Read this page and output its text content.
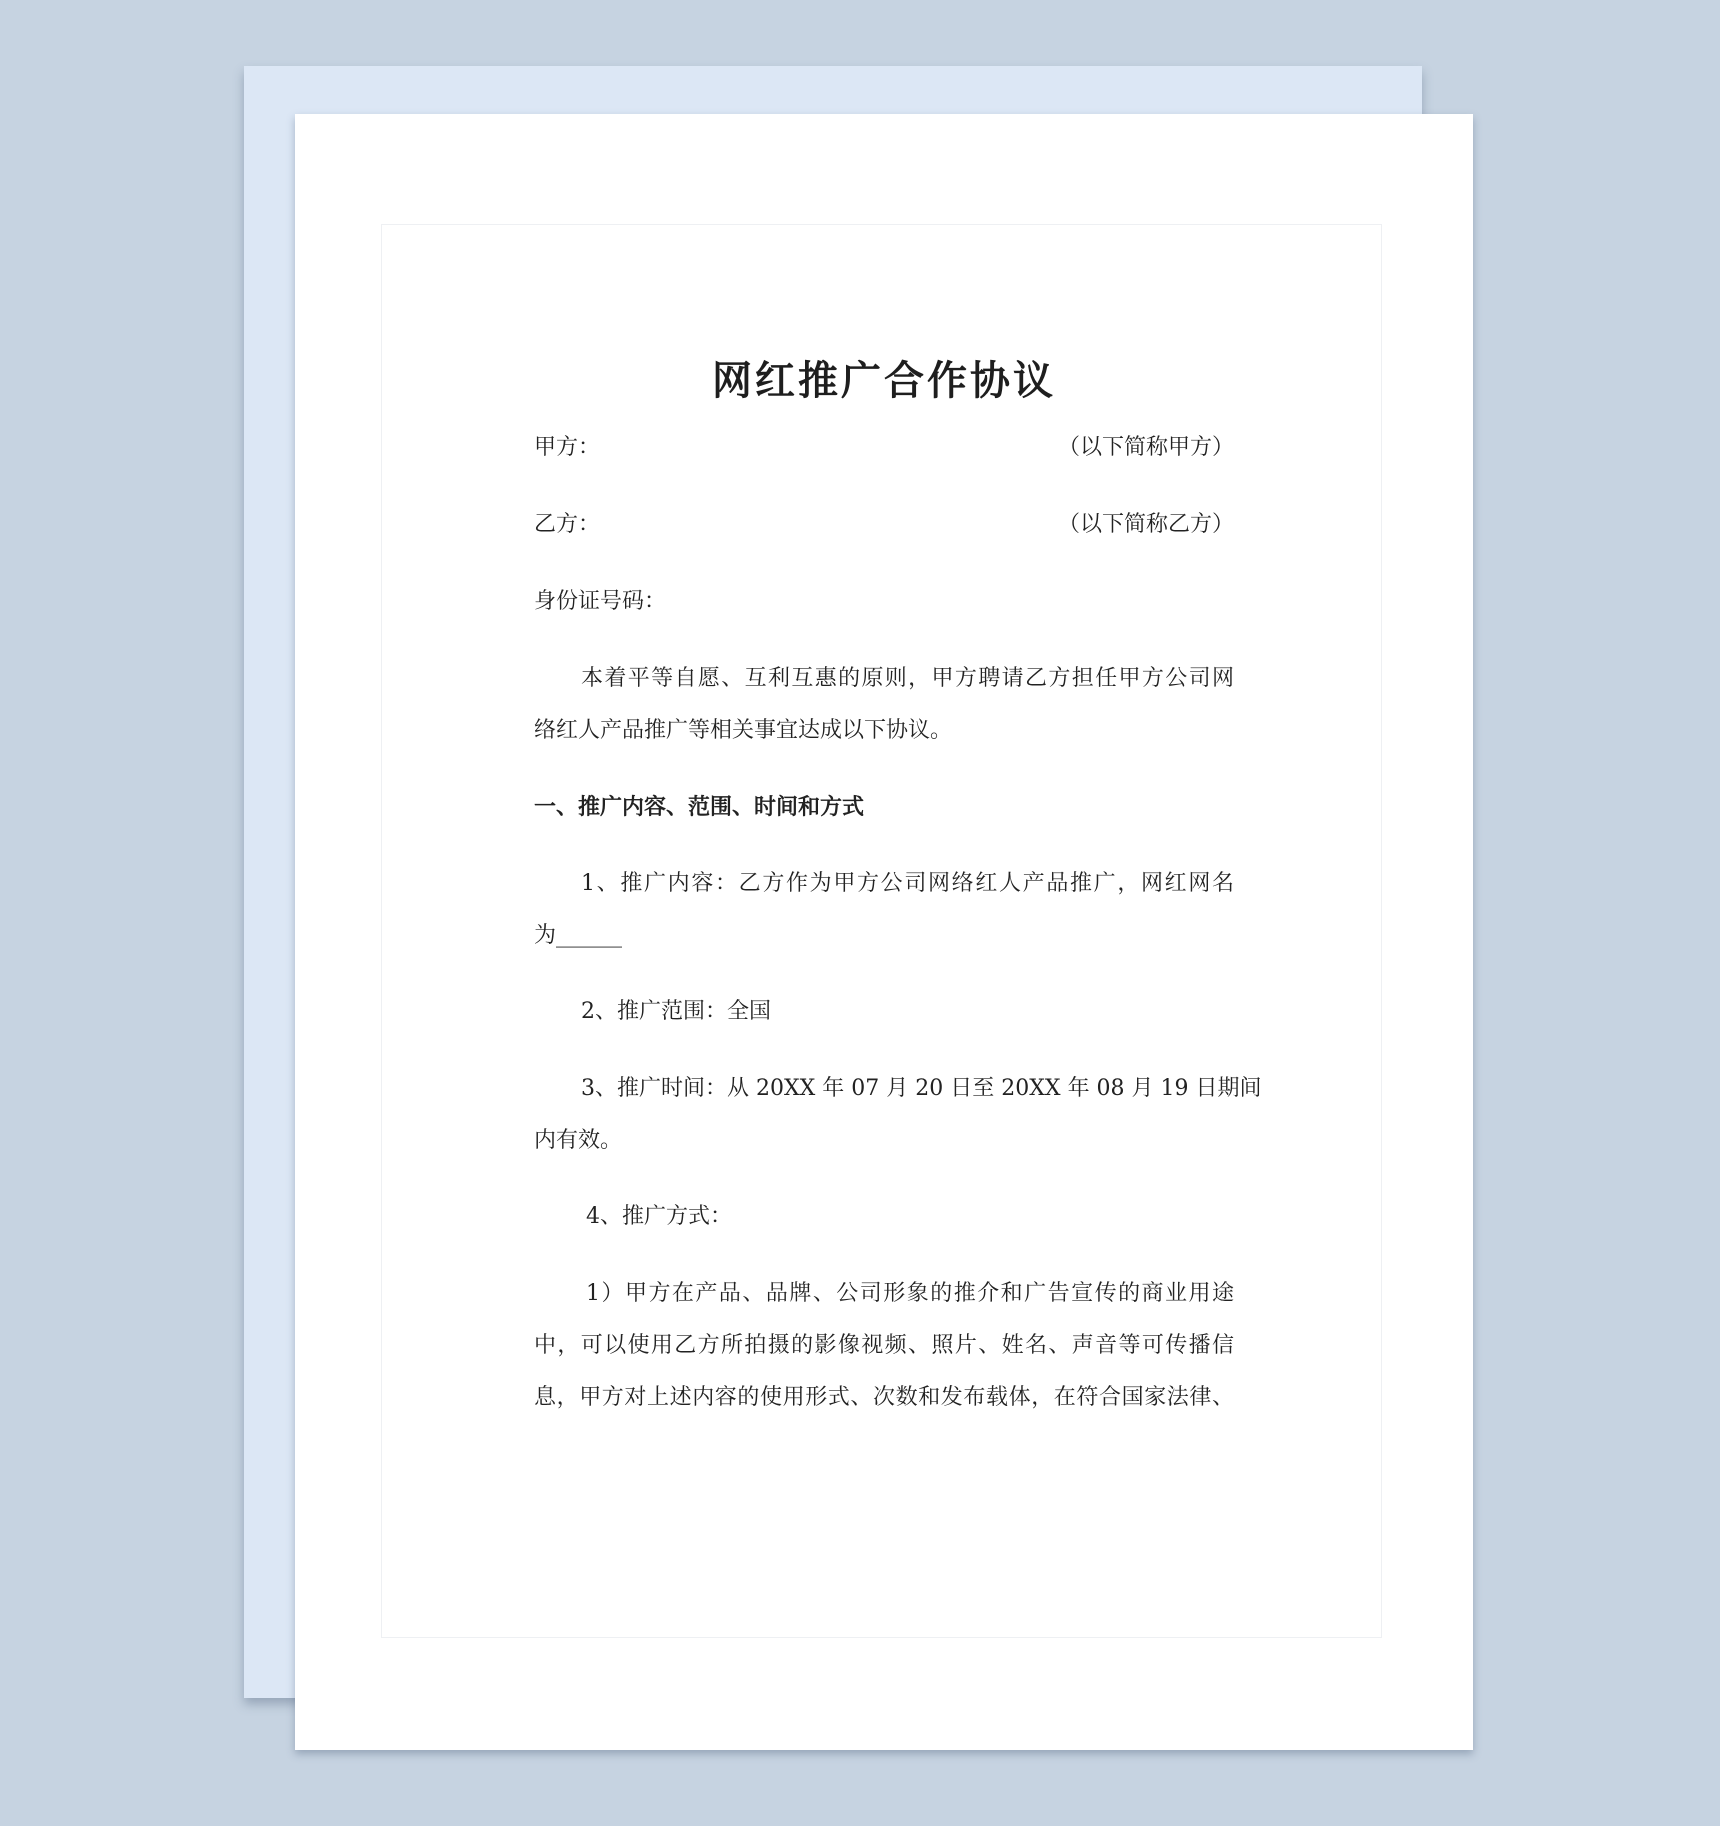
网红推广合作协议
甲方：	（以下简称甲方）
乙方：	（以下简称乙方）
身份证号码：
本着平等自愿、互利互惠的原则，甲方聘请乙方担任甲方公司网
络红人产品推广等相关事宜达成以下协议。
一、推广内容、范围、时间和方式
1、推广内容：乙方作为甲方公司网络红人产品推广，网红网名
为______
2、推广范围：全国
3、推广时间：从 20XX 年 07 月 20 日至 20XX 年 08 月 19 日期间
内有效。
4、推广方式：
1）甲方在产品、品牌、公司形象的推介和广告宣传的商业用途
中，可以使用乙方所拍摄的影像视频、照片、姓名、声音等可传播信
息，甲方对上述内容的使用形式、次数和发布载体，在符合国家法律、
